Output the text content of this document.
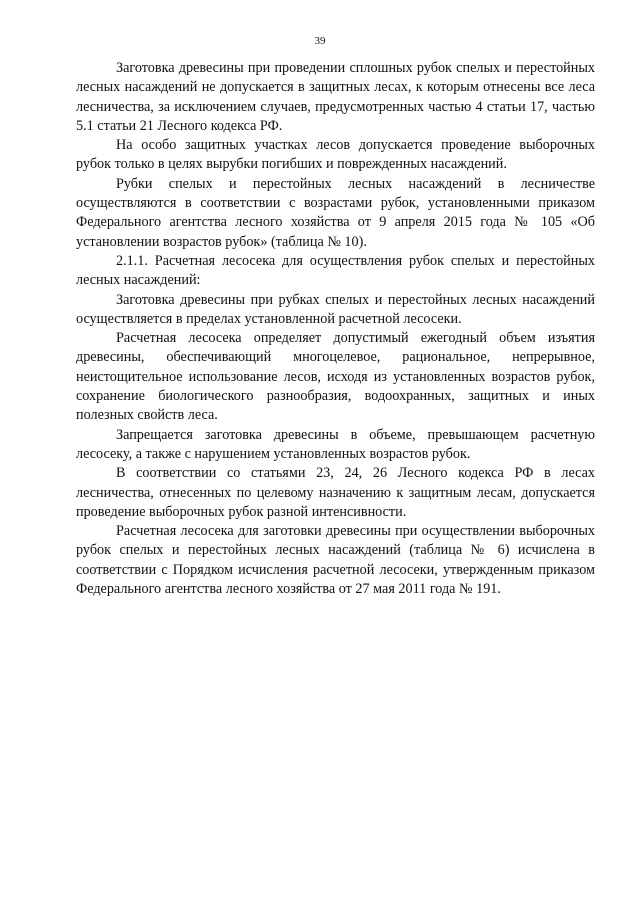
39

Заготовка древесины при проведении сплошных рубок спелых и перестойных лесных насаждений не допускается в защитных лесах, к которым отнесены все леса лесничества, за исключением случаев, предусмотренных частью 4 статьи 17, частью 5.1 статьи 21 Лесного кодекса РФ.

На особо защитных участках лесов допускается проведение выборочных рубок только в целях вырубки погибших и поврежденных насаждений.

Рубки спелых и перестойных лесных насаждений в лесничестве осуществляются в соответствии с возрастами рубок, установленными приказом Федерального агентства лесного хозяйства от 9 апреля 2015 года № 105 «Об установлении возрастов рубок» (таблица № 10).

2.1.1. Расчетная лесосека для осуществления рубок спелых и перестойных лесных насаждений:

Заготовка древесины при рубках спелых и перестойных лесных насаждений осуществляется в пределах установленной расчетной лесосеки.

Расчетная лесосека определяет допустимый ежегодный объем изъятия древесины, обеспечивающий многоцелевое, рациональное, непрерывное, неистощительное использование лесов, исходя из установленных возрастов рубок, сохранение биологического разнообразия, водоохранных, защитных и иных полезных свойств леса.

Запрещается заготовка древесины в объеме, превышающем расчетную лесосеку, а также с нарушением установленных возрастов рубок.

В соответствии со статьями 23, 24, 26 Лесного кодекса РФ в лесах лесничества, отнесенных по целевому назначению к защитным лесам, допускается проведение выборочных рубок разной интенсивности.

Расчетная лесосека для заготовки древесины при осуществлении выборочных рубок спелых и перестойных лесных насаждений (таблица № 6) исчислена в соответствии с Порядком исчисления расчетной лесосеки, утвержденным приказом Федерального агентства лесного хозяйства от 27 мая 2011 года № 191.
